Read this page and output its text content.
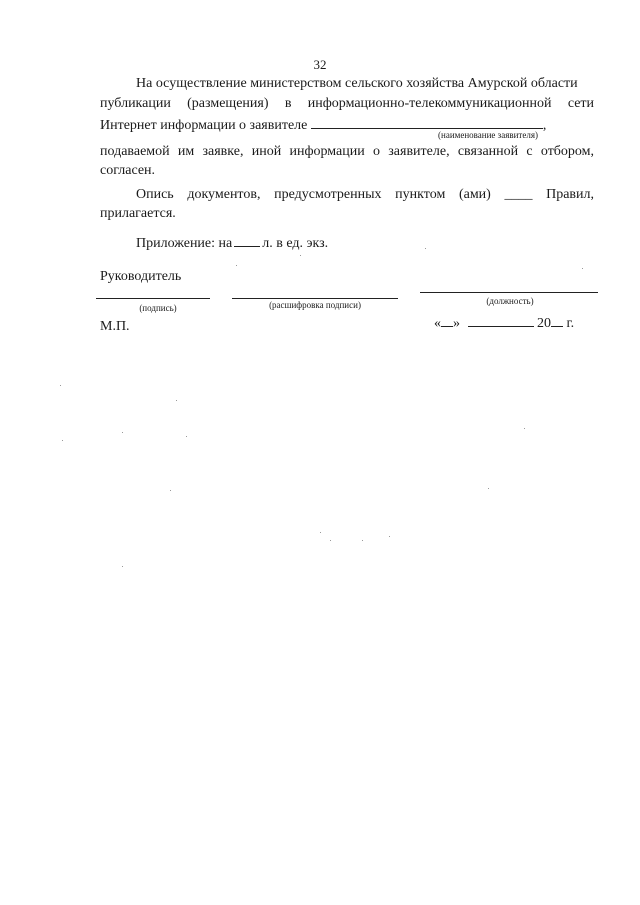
32
На осуществление министерством сельского хозяйства Амурской области
публикации (размещения) в информационно-телекоммуникационной сети
Интернет информации о заявителе	,
(наименование заявителя)
подаваемой им заявке, иной информации о заявителе, связанной с отбором,
согласен.
Опись документов, предусмотренных пунктом (ами) ____ Правил,
прилагается.
Приложение: на л. в ед. экз.
Руководитель
(подпись)	(расшифровка подписи)	(должность)
М.П.	« »	20 г.
